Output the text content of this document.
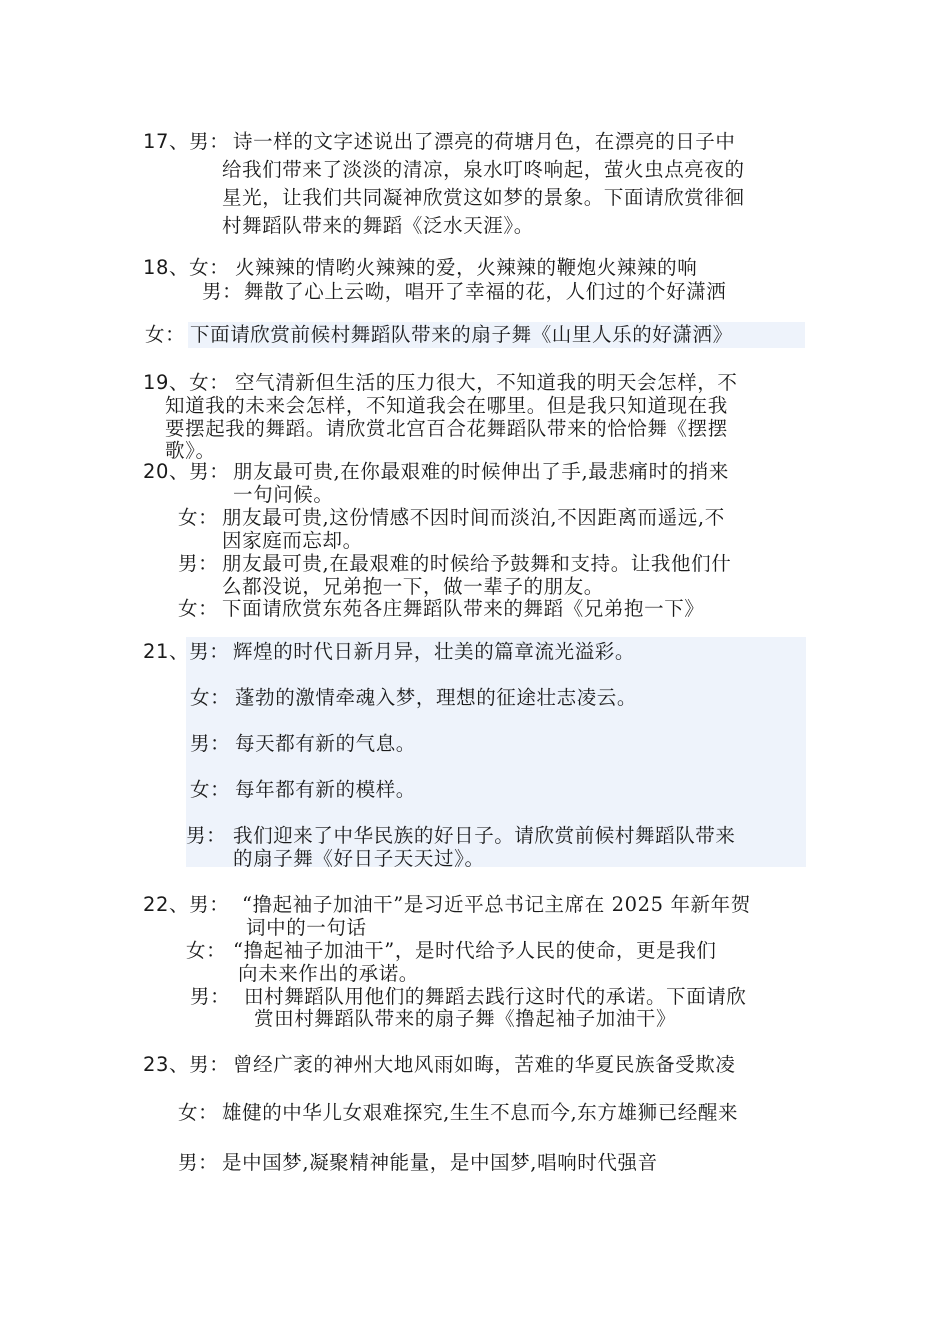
17、男： 诗一样的文字述说出了漂亮的荷塘月色，在漂亮的日子中
给我们带来了淡淡的清凉，泉水叮咚响起，萤火虫点亮夜的
星光，让我们共同凝神欣赏这如梦的景象。下面请欣赏徘徊
村舞蹈队带来的舞蹈《泛水天涯》。
18、女： 火辣辣的情哟火辣辣的爱，火辣辣的鞭炮火辣辣的响
男： 舞散了心上云呦，唱开了幸福的花，人们过的个好潇洒
女： 下面请欣赏前候村舞蹈队带来的扇子舞《山里人乐的好潇洒》
19、女： 空气清新但生活的压力很大，不知道我的明天会怎样，不
知道我的未来会怎样，不知道我会在哪里。但是我只知道现在我
要摆起我的舞蹈。请欣赏北宫百合花舞蹈队带来的恰恰舞《摆摆
歌》。
20、男： 朋友最可贵,在你最艰难的时候伸出了手,最悲痛时的捎来
一句问候。
女： 朋友最可贵,这份情感不因时间而淡泊,不因距离而遥远,不
因家庭而忘却。
男： 朋友最可贵,在最艰难的时候给予鼓舞和支持。让我他们什
么都没说，兄弟抱一下，做一辈子的朋友。
女： 下面请欣赏东苑各庄舞蹈队带来的舞蹈《兄弟抱一下》
21、男： 辉煌的时代日新月异，壮美的篇章流光溢彩。
女： 蓬勃的激情牵魂入梦，理想的征途壮志凌云。
男： 每天都有新的气息。
女： 每年都有新的模样。
男： 我们迎来了中华民族的好日子。请欣赏前候村舞蹈队带来
的扇子舞《好日子天天过》。
22、男： “撸起袖子加油干”是习近平总书记主席在 2025 年新年贺
词中的一句话
女： “撸起袖子加油干”，是时代给予人民的使命，更是我们
向未来作出的承诺。
男： 田村舞蹈队用他们的舞蹈去践行这时代的承诺。下面请欣
赏田村舞蹈队带来的扇子舞《撸起袖子加油干》
23、男： 曾经广袤的神州大地风雨如晦，苦难的华夏民族备受欺凌
女： 雄健的中华儿女艰难探究,生生不息而今,东方雄狮已经醒来
男： 是中国梦,凝聚精神能量，是中国梦,唱响时代强音
